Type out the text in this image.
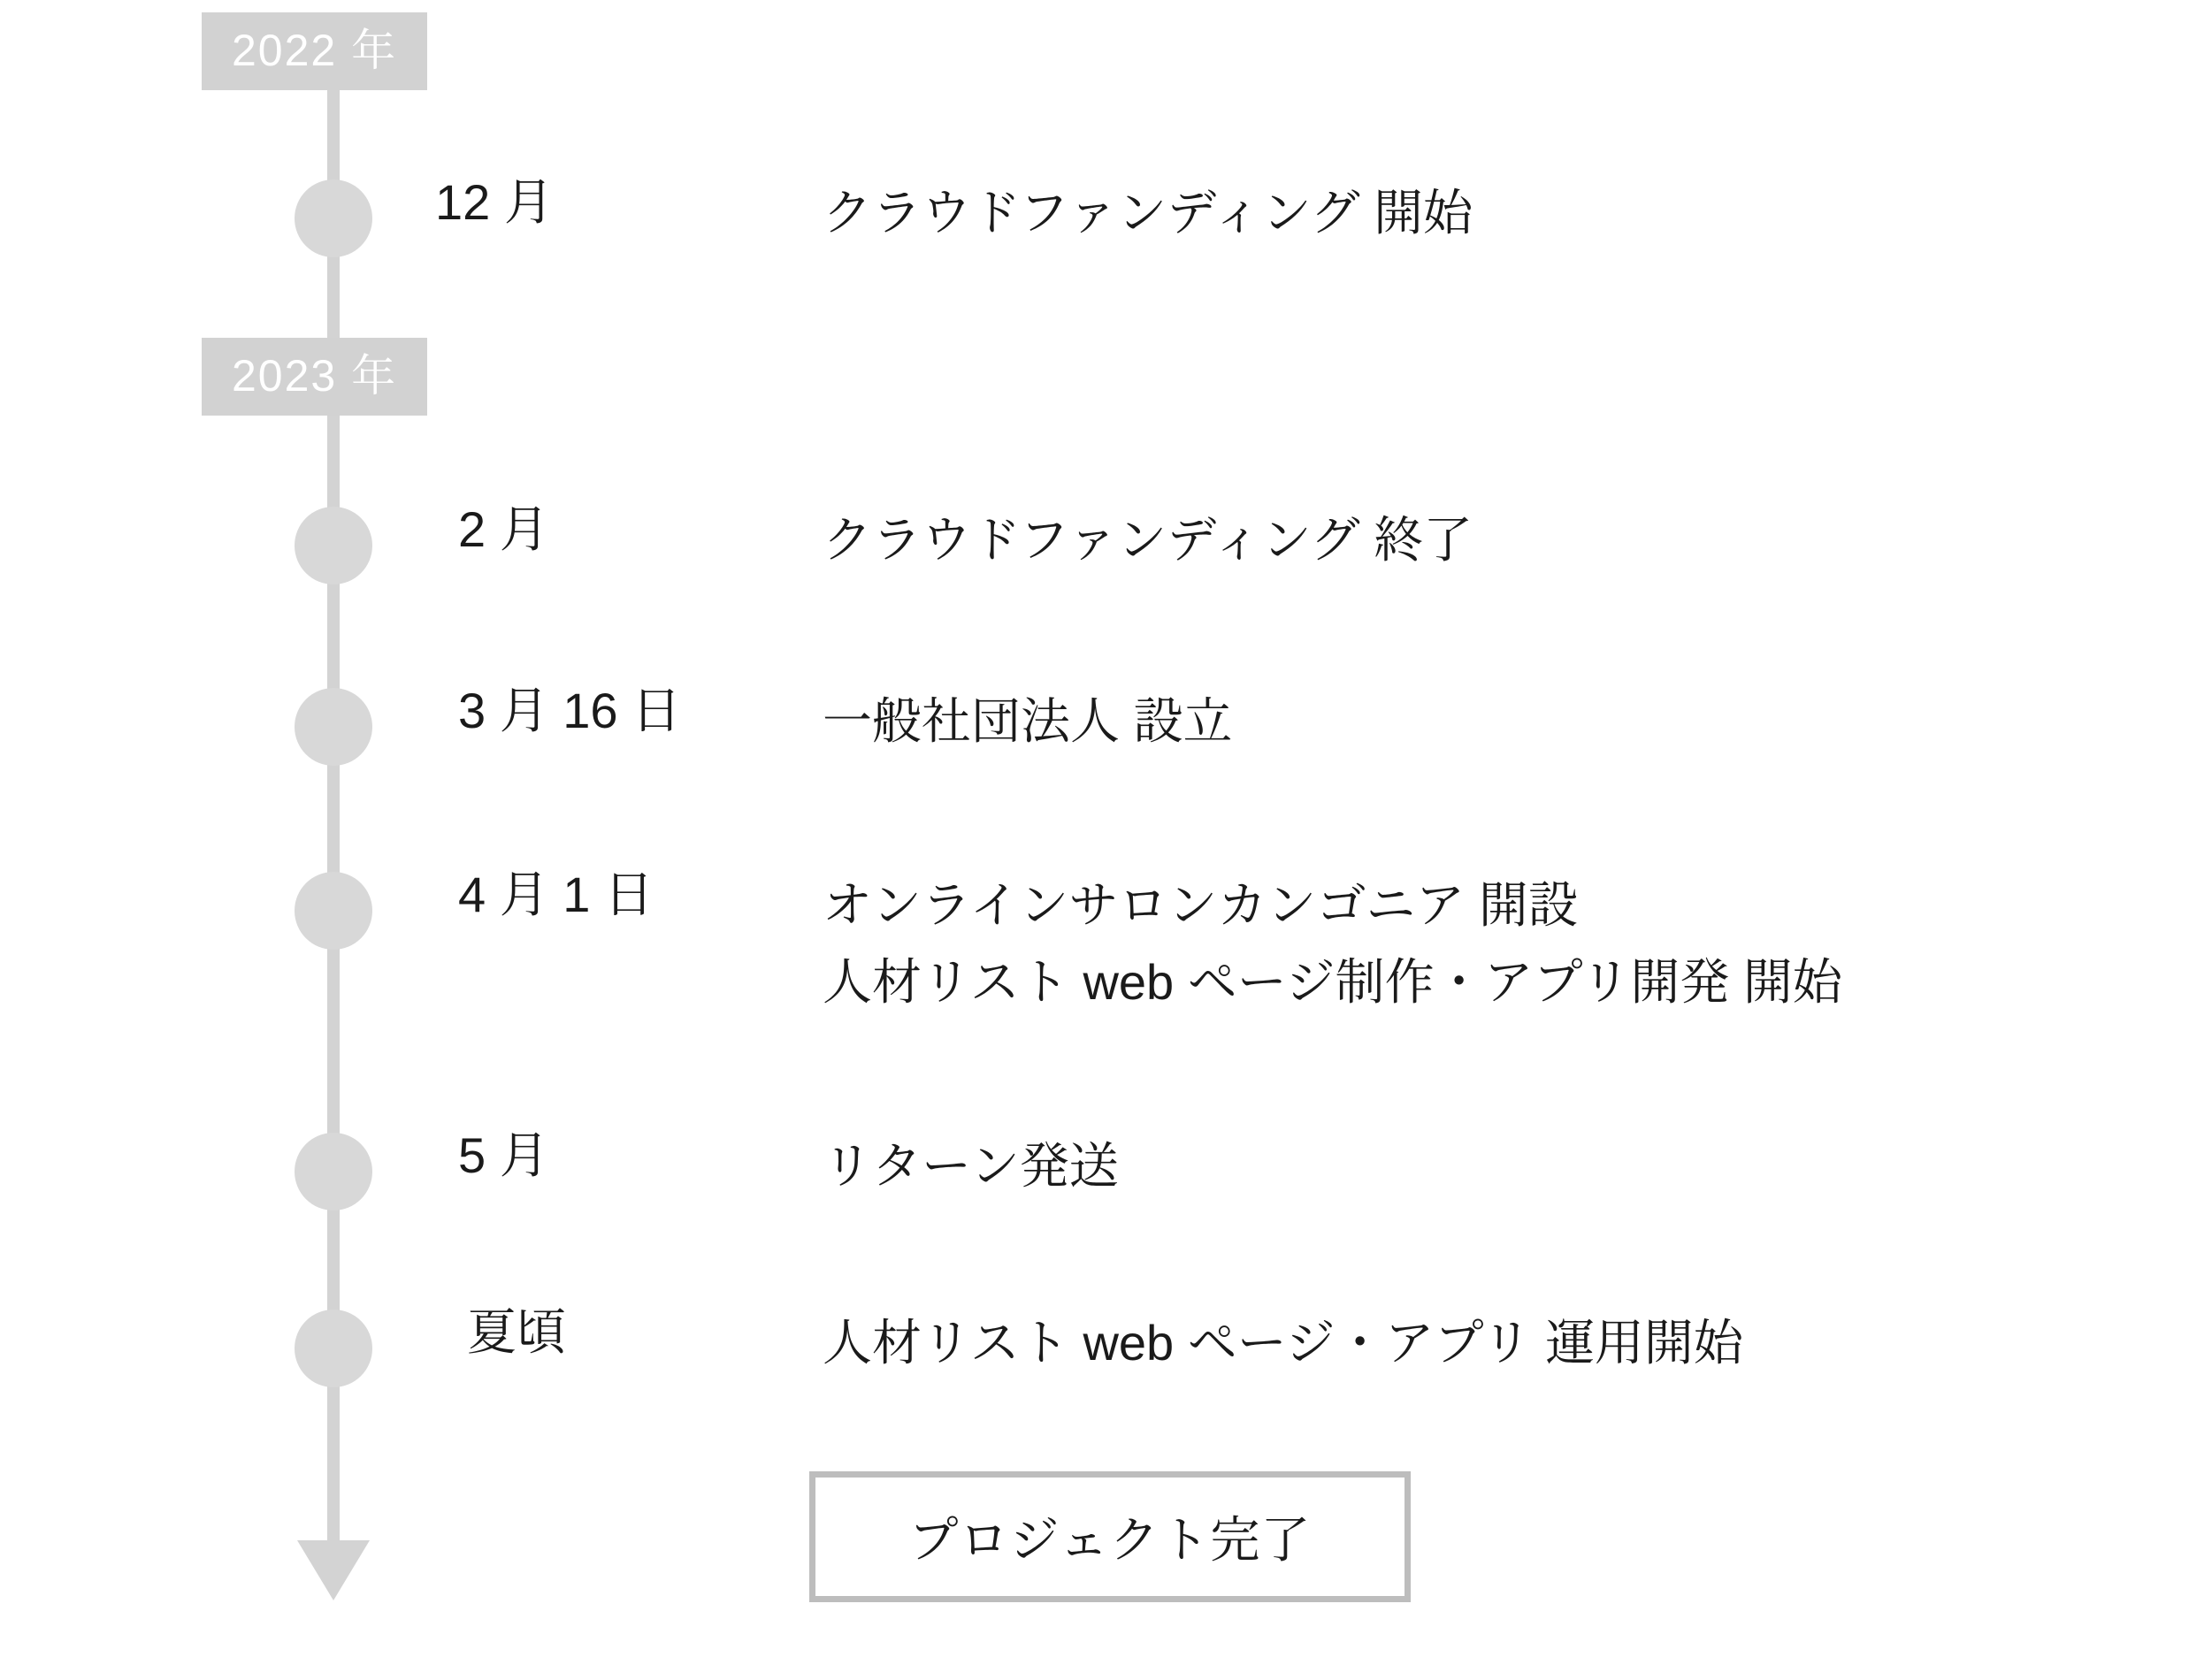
2022 年
2023 年
12 月	クラウドファンディング 開始
2 月	クラウドファンディング 終了
3 月 16 日	一般社団法人 設立
4 月 1 日	オンラインサロンカンゴニア 開設
人材リスト web ページ制作・アプリ開発 開始
5 月	リターン発送
夏頃	人材リスト web ページ・アプリ 運用開始
プロジェクト完了
